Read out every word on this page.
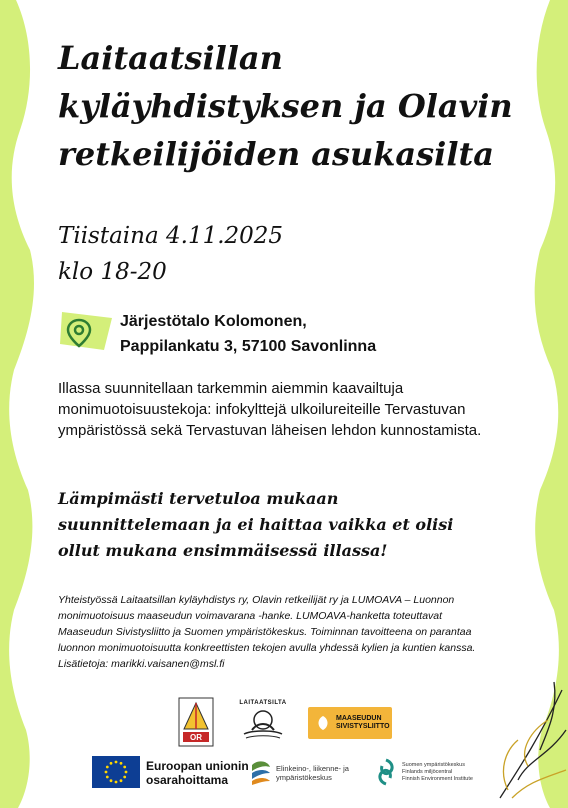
Laitaatsillan
kyläyhdistyksen ja Olavin
retkeilijöiden asukasilta
Tiistaina 4.11.2025
klo 18-20
Järjestötalo Kolomonen,
Pappilankatu 3, 57100 Savonlinna

Illassa suunnitellaan tarkemmin aiemmin kaavailtuja monimuotoisuustekoja: infokylttejä ulkoilureiteille Tervastuvan ympäristössä sekä Tervastuvan läheisen lehdon kunnostamista.

Lämpimästi tervetuloa mukaan
suunnittelemaan ja ei haittaa vaikka et olisi
ollut mukana ensimmäisessä illassa!

Yhteistyössä Laitaatsillan kyläyhdistys ry, Olavin retkeilijät ry ja LUMOAVA – Luonnon monimuotoisuus maaseudun voimavarana -hanke. LUMOAVA-hanketta toteuttavat Maaseudun Sivistysliitto ja Suomen ympäristökeskus. Toiminnan tavoitteena on parantaa luonnon monimuotoisuutta konkreettisten tekojen avulla yhdessä kylien ja kuntien kanssa. Lisätietoja: marikki.vaisanen@msl.fi

OR
LAITAATSILTA
MAASEUDUN
SIVISTYSLIITTO
Euroopan unionin
osarahoittama
Elinkeino-, liikenne- ja
ympäristökeskus
Suomen ympäristökeskus
Finlands miljöcentral
Finnish Environment Institute
